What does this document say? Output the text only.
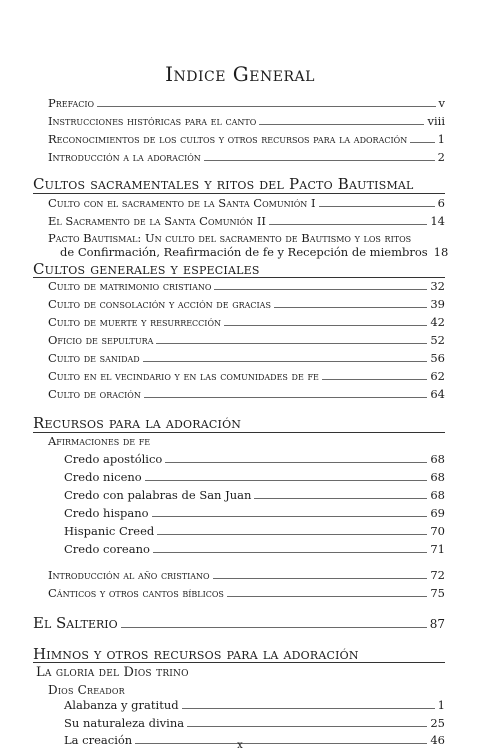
Indice General
Prefacio	v
Instrucciones históricas para el canto	viii
Reconocimientos de los cultos y otros recursos para la adoración	1
Introducción a la adoración	2
Cultos sacramentales y ritos del Pacto Bautismal
Culto con el sacramento de la Santa Comunión I	6
El Sacramento de la Santa Comunión II	14
Pacto Bautismal: Un culto del sacramento de Bautismo y los ritos
de Confirmación, Reafirmación de fe y Recepción de miembros 18
Cultos generales y especiales
Culto de matrimonio cristiano	32
Culto de consolación y acción de gracias	39
Culto de muerte y resurrección	42
Oficio de sepultura	52
Culto de sanidad	56
Culto en el vecindario y en las comunidades de fe	62
Culto de oración	64
Recursos para la adoración
Afirmaciones de fe
Credo apostólico	68
Credo niceno	68
Credo con palabras de San Juan	68
Credo hispano	69
Hispanic Creed	70
Credo coreano	71
Introducción al año cristiano	72
Cánticos y otros cantos bíblicos	75
El Salterio	87
Himnos y otros recursos para la adoración
La gloria del Dios trino
Dios Creador
Alabanza y gratitud	1
Su naturaleza divina	25
La creación	46
x
